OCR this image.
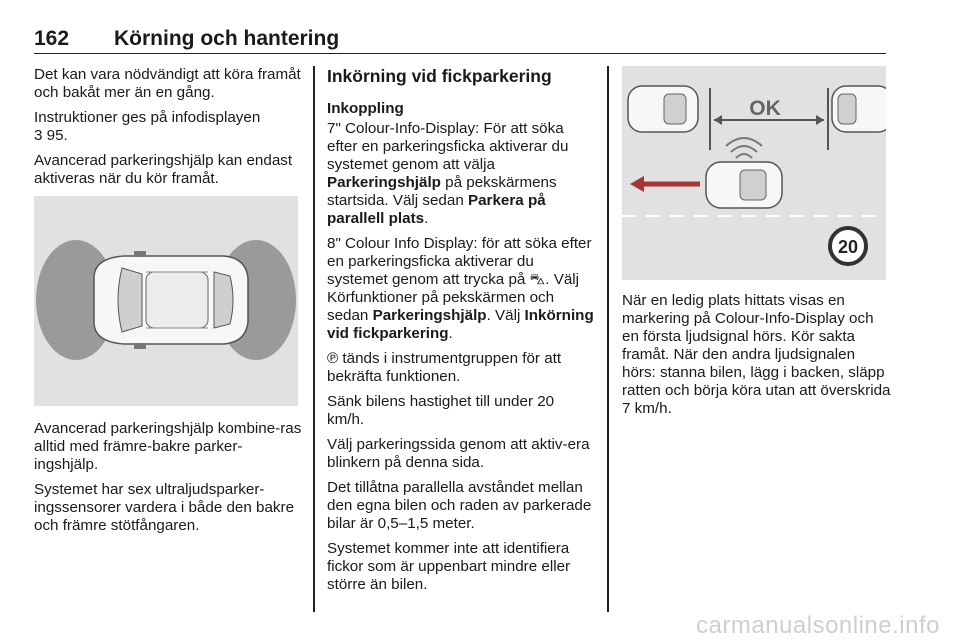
162 Körning och hantering

Det kan vara nödvändigt att köra framåt och bakåt mer än en gång.

Instruktioner ges på infodisplayen
3 95.

Avancerad parkeringshjälp kan endast aktiveras när du kör framåt.

Avancerad parkeringshjälp kombine-ras alltid med främre-bakre parker-ingshjälp.

Systemet har sex ultraljudsparker-ingssensorer vardera i både den bakre och främre stötfångaren.

Inkörning vid fickparkering
Inkoppling

7" Colour-Info-Display: För att söka efter en parkeringsficka aktiverar du systemet genom att välja
Parkeringshjälp på pekskärmens startsida. Välj sedan Parkera på parallell plats.

8" Colour Info Display: för att söka efter en parkeringsficka aktiverar du systemet genom att trycka på ⛍. Välj Körfunktioner på pekskärmen och sedan Parkeringshjälp. Välj Inkörning vid fickparkering.

℗ tänds i instrumentgruppen för att bekräfta funktionen.

Sänk bilens hastighet till under 20 km/h.

Välj parkeringssida genom att aktiv-era blinkern på denna sida.

Det tillåtna parallella avståndet mellan den egna bilen och raden av parkerade bilar är 0,5–1,5 meter.

Systemet kommer inte att identifiera fickor som är uppenbart mindre eller större än bilen.

OK
20

När en ledig plats hittats visas en markering på Colour-Info-Display och en första ljudsignal hörs. Kör sakta framåt. När den andra ljudsignalen hörs: stanna bilen, lägg i backen, släpp ratten och börja köra utan att överskrida 7 km/h.

carmanualsonline.info
